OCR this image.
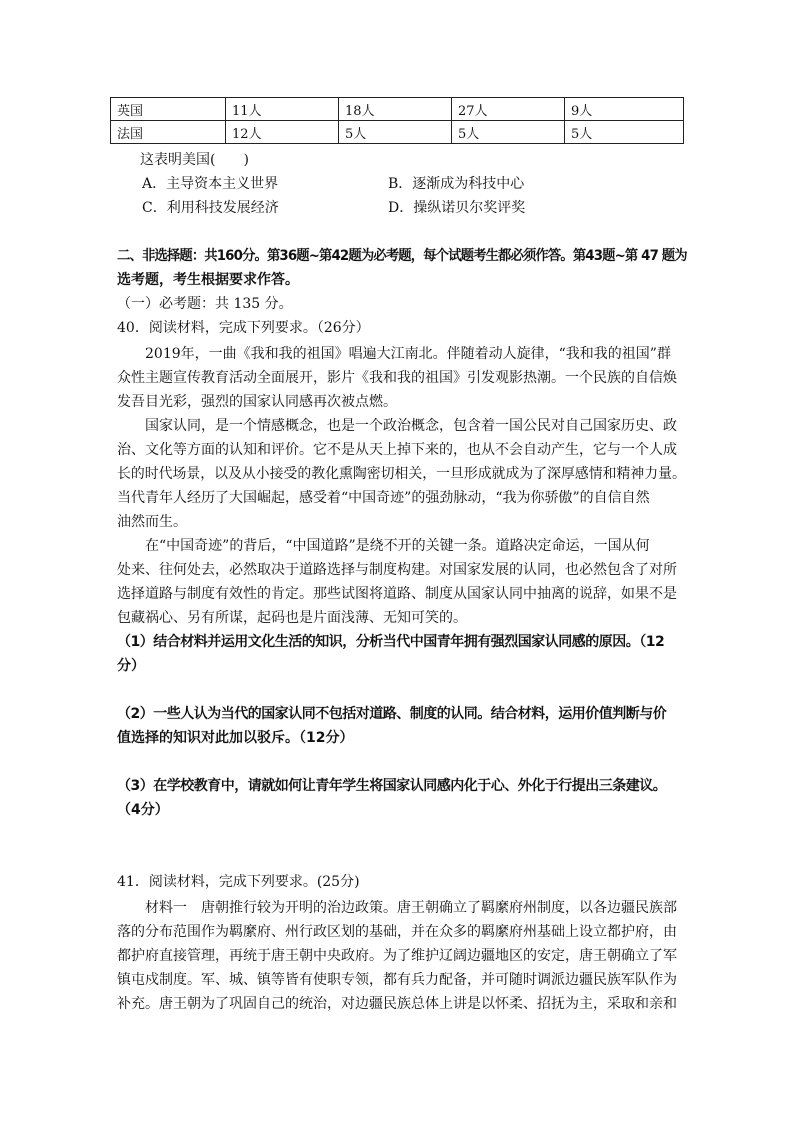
英国	11人	18人	27人	9人
法国	12人	5人	5人	5人
这表明美国(　　)
A．主导资本主义世界	B．逐渐成为科技中心
C．利用科技发展经济	D．操纵诺贝尔奖评奖
二、非选择题：共160分。第36题~第42题为必考题，每个试题考生都必须作答。第43题~第 47 题为
选考题，考生根据要求作答。
（一）必考题：共 135 分。
40．阅读材料，完成下列要求。（26分）
2019年，一曲《我和我的祖国》唱遍大江南北。伴随着动人旋律，“我和我的祖国”群
众性主题宣传教育活动全面展开，影片《我和我的祖国》引发观影热潮。一个民族的自信焕
发吾目光彩，强烈的国家认同感再次被点燃。
国家认同，是一个情感概念，也是一个政治概念，包含着一国公民对自己国家历史、政
治、文化等方面的认知和评价。它不是从天上掉下来的，也从不会自动产生，它与一个人成
长的时代场景，以及从小接受的教化熏陶密切相关，一旦形成就成为了深厚感情和精神力量。
当代青年人经历了大国崛起，感受着“中国奇迹”的强劲脉动，“我为你骄傲”的自信自然
油然而生。
在“中国奇迹”的背后，“中国道路”是绕不开的关键一条。道路决定命运，一国从何
处来、往何处去，必然取决于道路选择与制度构建。对国家发展的认同，也必然包含了对所
选择道路与制度有效性的肯定。那些试图将道路、制度从国家认同中抽离的说辞，如果不是
包藏祸心、另有所谋，起码也是片面浅薄、无知可笑的。
（1）结合材料并运用文化生活的知识，分析当代中国青年拥有强烈国家认同感的原因。（12
分）
（2）一些人认为当代的国家认同不包括对道路、制度的认同。结合材料，运用价值判断与价
值选择的知识对此加以驳斥。（12分）
（3）在学校教育中，请就如何让青年学生将国家认同感内化于心、外化于行提出三条建议。
（4分）
41．阅读材料，完成下列要求。(25分)
材料一　唐朝推行较为开明的治边政策。唐王朝确立了羁縻府州制度，以各边疆民族部
落的分布范围作为羁縻府、州行政区划的基础，并在众多的羁縻府州基础上设立都护府，由
都护府直接管理，再统于唐王朝中央政府。为了维护辽阔边疆地区的安定，唐王朝确立了军
镇屯戍制度。军、城、镇等皆有使职专领，都有兵力配备，并可随时调派边疆民族军队作为
补充。唐王朝为了巩固自己的统治，对边疆民族总体上讲是以怀柔、招抚为主，采取和亲和
